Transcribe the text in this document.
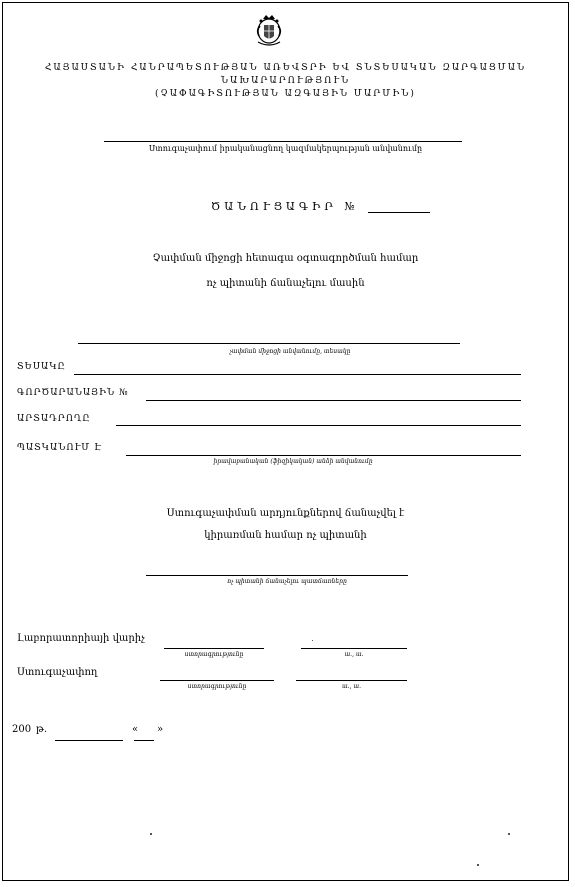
ՀԱՅԱՍՏԱՆԻ ՀԱՆՐԱՊԵՏՈՒԹՅԱՆ ԱՌԵՎՏՐԻ ԵՎ ՏՆՏԵՍԱԿԱՆ ԶԱՐԳԱՑՄԱՆ
ՆԱԽԱՐԱՐՈՒԹՅՈՒՆ
(ՉԱՓԱԳԻՏՈՒԹՅԱՆ ԱԶԳԱՅԻՆ ՄԱՐՄԻՆ)
Ստուգաչափում իրականացնող կազմակերպության անվանումը
ԾԱՆՈՒՑԱԳԻՐ №
Չափման միջոցի հետագա օգտագործման համար
ոչ պիտանի ճանաչելու մասին
չափման միջոցի անվանումը, տեսակը
ՏԵՍԱԿԸ
ԳՈՐԾԱՐԱՆԱՅԻՆ №
ԱՐՏԱԴՐՈՂԸ
ՊԱՏԿԱՆՈՒՄ Է
իրավաբանական (ֆիզիկական) անձի անվանումը
Ստուգաչափման արդյունքներով ճանաչվել է
կիրառման համար ոչ պիտանի
ոչ պիտանի ճանաչելու պատճառները
Լաբորատորիայի վարիչ
ստորագրությունը	ա., ա.
Ստուգաչափող
ստորագրությունը	ա., ա.
200 թ.	« »
